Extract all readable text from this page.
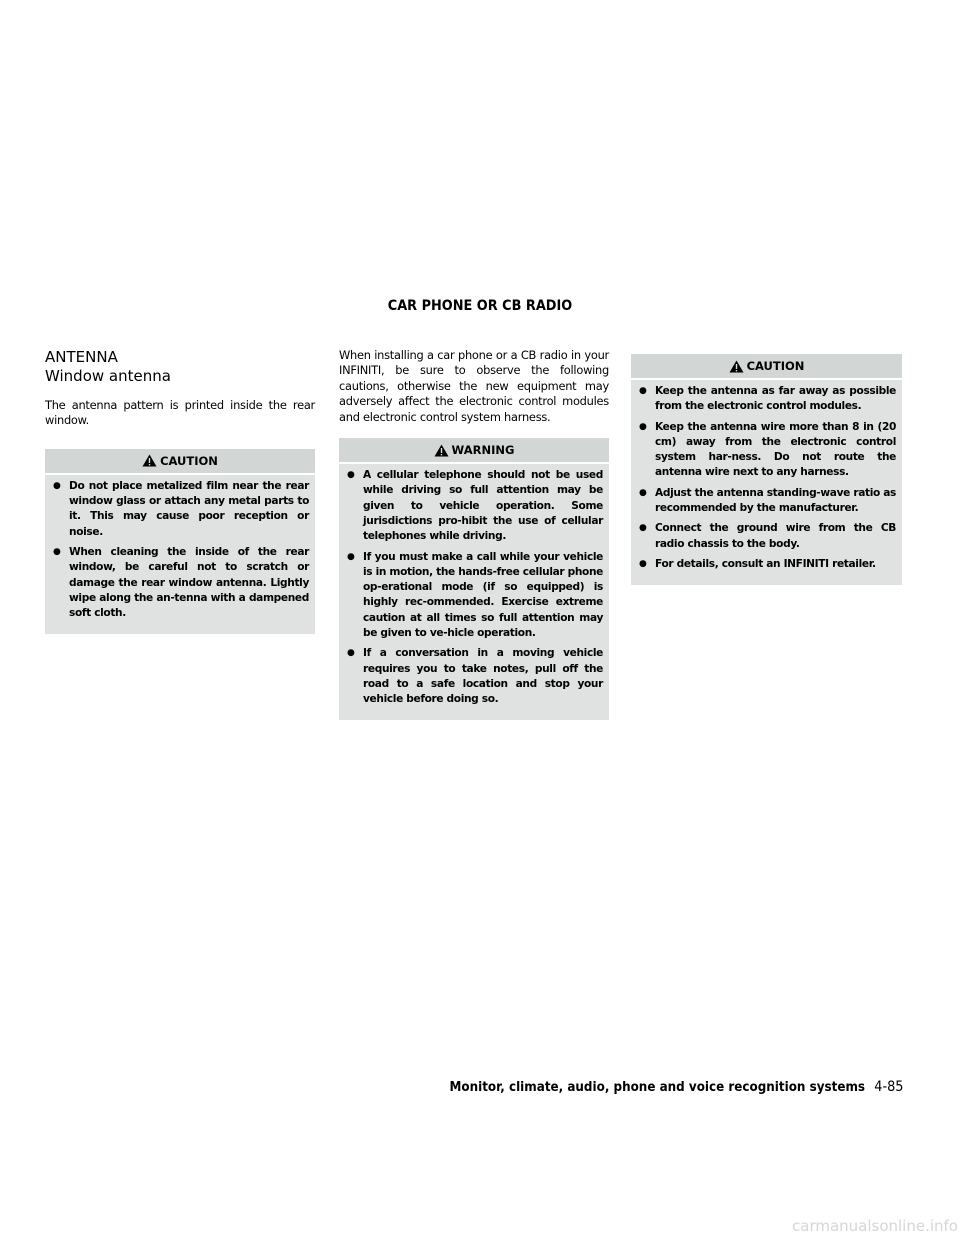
CAR PHONE OR CB RADIO

ANTENNA

Window antenna

The antenna pattern is printed inside the rear window.

CAUTION
● Do not place metalized film near the rear window glass or attach any metal parts to it. This may cause poor reception or noise.
● When cleaning the inside of the rear window, be careful not to scratch or damage the rear window antenna. Lightly wipe along the an-tenna with a dampened soft cloth.

When installing a car phone or a CB radio in your INFINITI, be sure to observe the following cautions, otherwise the new equipment may adversely affect the electronic control modules and electronic control system harness.

WARNING
● A cellular telephone should not be used while driving so full attention may be given to vehicle operation. Some jurisdictions pro-hibit the use of cellular telephones while driving.
● If you must make a call while your vehicle is in motion, the hands-free cellular phone op-erational mode (if so equipped) is highly rec-ommended. Exercise extreme caution at all times so full attention may be given to ve-hicle operation.
● If a conversation in a moving vehicle requires you to take notes, pull off the road to a safe location and stop your vehicle before doing so.
CAUTION
● Keep the antenna as far away as possible from the electronic control modules.
● Keep the antenna wire more than 8 in (20 cm) away from the electronic control system har-ness. Do not route the antenna wire next to any harness.
● Adjust the antenna standing-wave ratio as recommended by the manufacturer.
● Connect the ground wire from the CB radio chassis to the body.
● For details, consult an INFINITI retailer.
Monitor, climate, audio, phone and voice recognition systems 4-85
carmanualsonline.info
